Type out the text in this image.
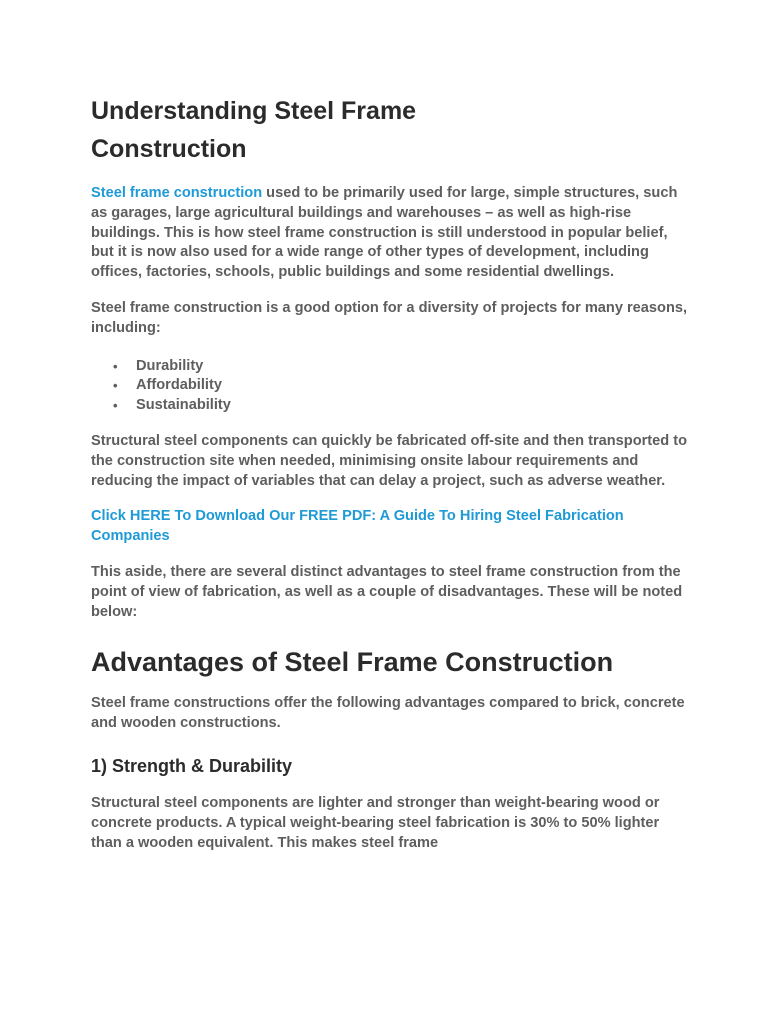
Understanding Steel Frame Construction

Steel frame construction used to be primarily used for large, simple structures, such as garages, large agricultural buildings and warehouses – as well as high-rise buildings. This is how steel frame construction is still understood in popular belief, but it is now also used for a wide range of other types of development, including offices, factories, schools, public buildings and some residential dwellings.

Steel frame construction is a good option for a diversity of projects for many reasons, including:

• Durability
• Affordability
• Sustainability

Structural steel components can quickly be fabricated off-site and then transported to the construction site when needed, minimising onsite labour requirements and reducing the impact of variables that can delay a project, such as adverse weather.

Click HERE To Download Our FREE PDF: A Guide To Hiring Steel Fabrication Companies

This aside, there are several distinct advantages to steel frame construction from the point of view of fabrication, as well as a couple of disadvantages. These will be noted below:

Advantages of Steel Frame Construction

Steel frame constructions offer the following advantages compared to brick, concrete and wooden constructions.

1) Strength & Durability

Structural steel components are lighter and stronger than weight-bearing wood or concrete products. A typical weight-bearing steel fabrication is 30% to 50% lighter than a wooden equivalent. This makes steel frame
